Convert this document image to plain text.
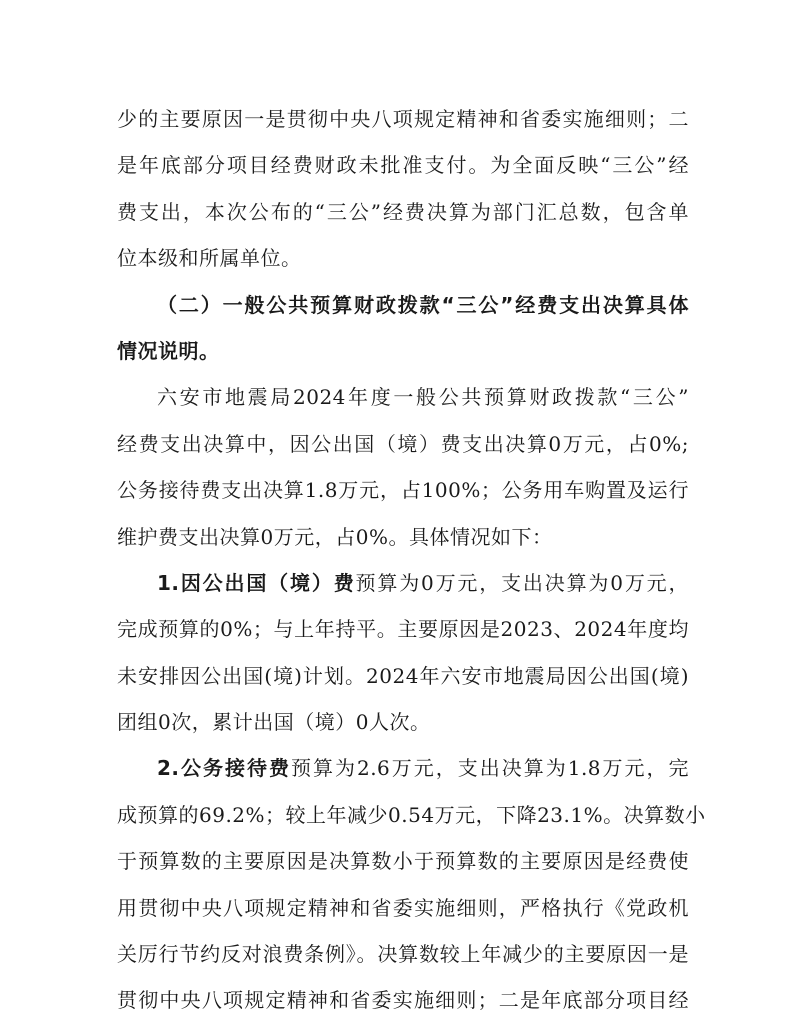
少的主要原因一是贯彻中央八项规定精神和省委实施细则；二
是年底部分项目经费财政未批准支付。为全面反映“三公”经
费支出，本次公布的“三公”经费决算为部门汇总数，包含单
位本级和所属单位。
（二）一般公共预算财政拨款“三公”经费支出决算具体
情况说明。
六安市地震局2024年度一般公共预算财政拨款“三公”
经费支出决算中，因公出国（境）费支出决算0万元，占0%;
公务接待费支出决算1.8万元，占100%；公务用车购置及运行
维护费支出决算0万元，占0%。具体情况如下：
1.因公出国（境）费预算为0万元，支出决算为0万元，
完成预算的0%；与上年持平。主要原因是2023、2024年度均
未安排因公出国(境)计划。2024年六安市地震局因公出国(境)
团组0次，累计出国（境）0人次。
2.公务接待费预算为2.6万元，支出决算为1.8万元，完
成预算的69.2%；较上年减少0.54万元，下降23.1%。决算数小
于预算数的主要原因是决算数小于预算数的主要原因是经费使
用贯彻中央八项规定精神和省委实施细则，严格执行《党政机
关厉行节约反对浪费条例》。决算数较上年减少的主要原因一是
贯彻中央八项规定精神和省委实施细则；二是年底部分项目经
